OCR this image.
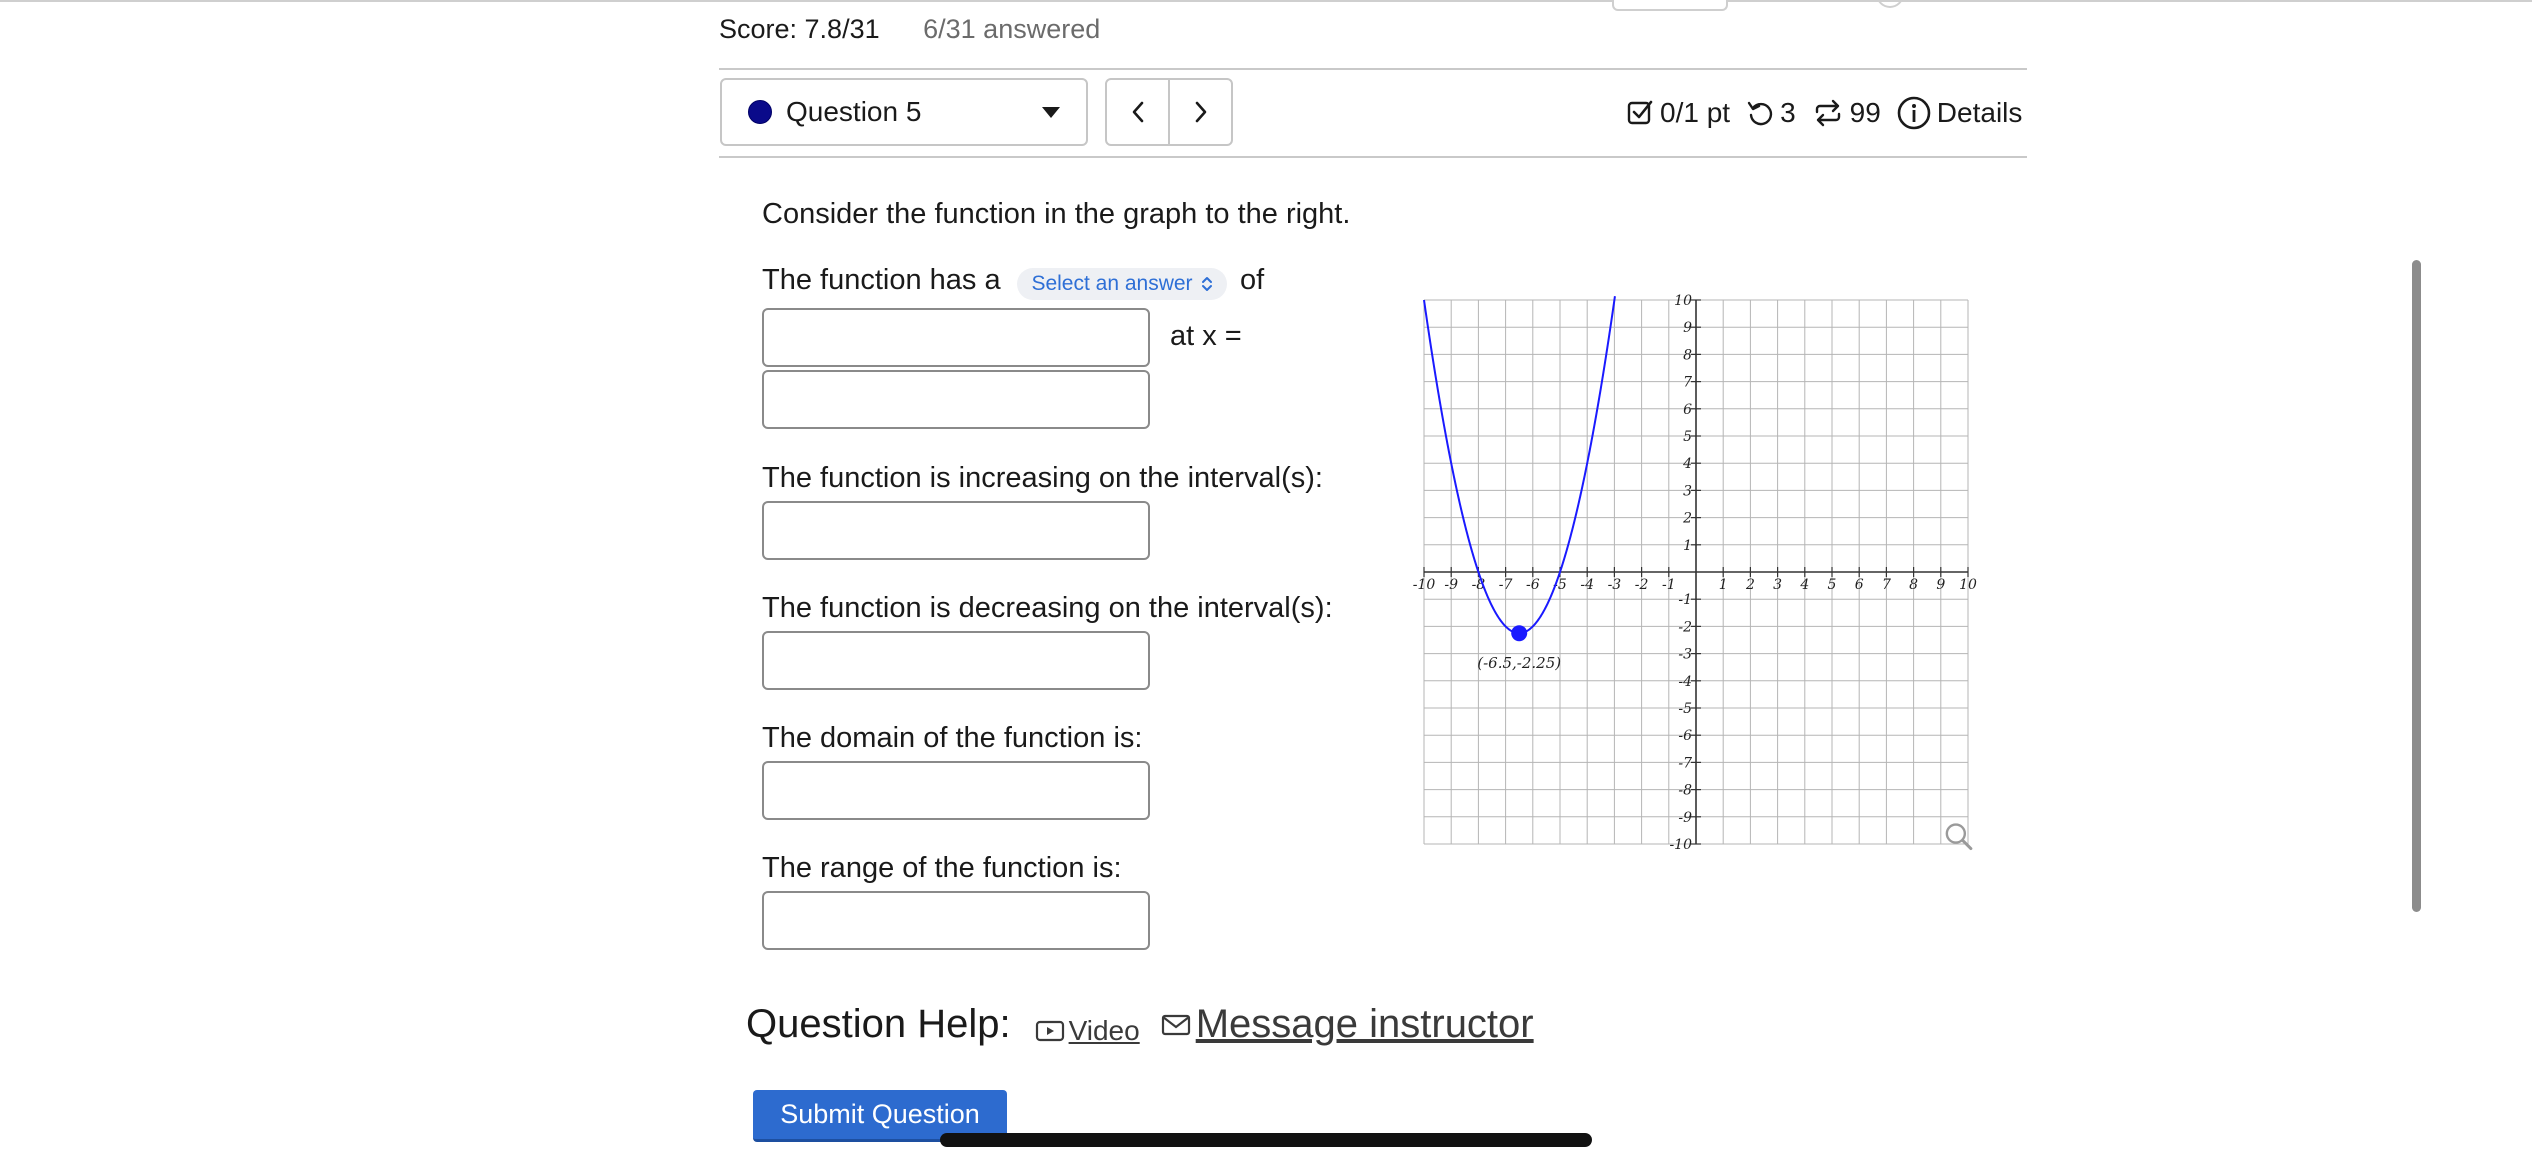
Score: 7.8/31 6/31 answered
Question 5	0/1 pt 3 99 Details
Consider the function in the graph to the right.
The function has a Select an answer of
at x =
The function is increasing on the interval(s):
The function is decreasing on the interval(s):
The domain of the function is:
The range of the function is:
-10 -9 -8 -7 -6 -5 -4 -3 -2 -1	1 2 3 4 5 6 7 8 9 10
10
9
8
7
6
5
4
3
2
1
-1
-2
-3
-4
-5
-6
-7
-8
-9
-10
(-6.5,-2.25)
Question Help: Video Message instructor
Submit Question
